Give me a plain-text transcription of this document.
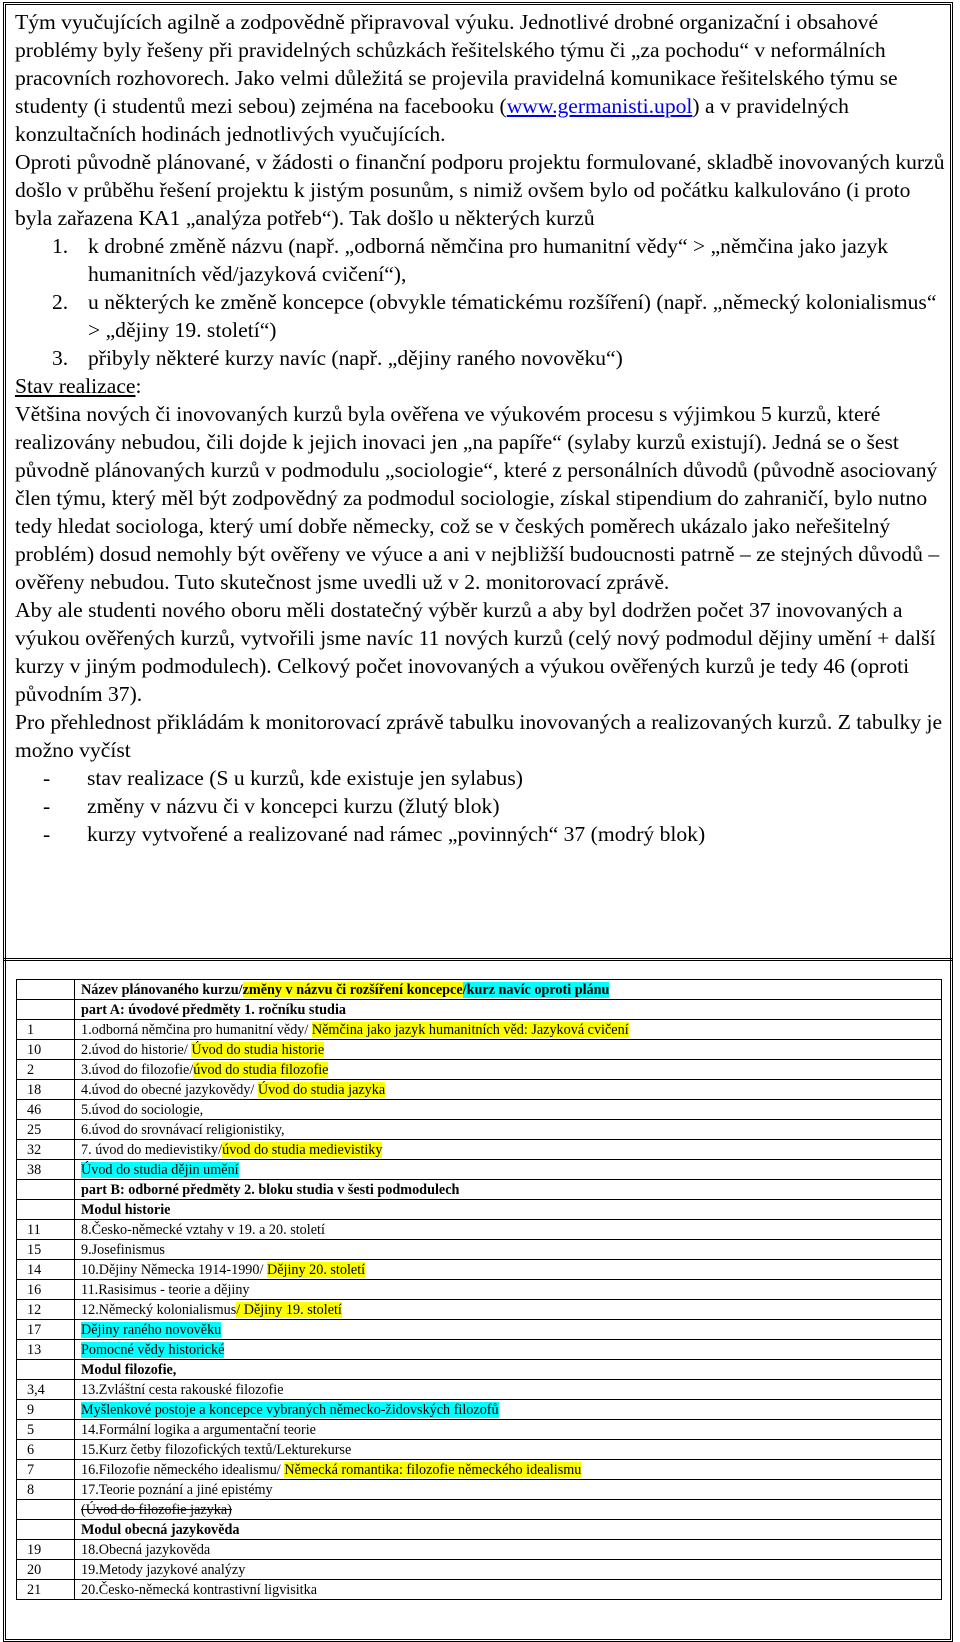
Tým vyučujících agilně a zodpovědně připravoval výuku. Jednotlivé drobné organizační i obsahové problémy byly řešeny při pravidelných schůzkách řešitelského týmu či „za pochodu“ v neformálních pracovních rozhovorech. Jako velmi důležitá se projevila pravidelná komunikace řešitelského týmu se studenty (i studentů mezi sebou) zejména na facebooku (www.germanisti.upol) a v pravidelných konzultačních hodinách jednotlivých vyučujících.

Oproti původně plánované, v žádosti o finanční podporu projektu formulované, skladbě inovovaných kurzů došlo v průběhu řešení projektu k jistým posunům, s nimiž ovšem bylo od počátku kalkulováno (i proto byla zařazena KA1 „analýza potřeb“). Tak došlo u některých kurzů

1. k drobné změně názvu (např. „odborná němčina pro humanitní vědy“ > „němčina jako jazyk humanitních věd/jazyková cvičení“),
2. u některých ke změně koncepce (obvykle tématickému rozšíření) (např. „německý kolonialismus“ > „dějiny 19. století“)
3. přibyly některé kurzy navíc (např. „dějiny raného novověku“)

Stav realizace:

Většina nových či inovovaných kurzů byla ověřena ve výukovém procesu s výjimkou 5 kurzů, které realizovány nebudou, čili dojde k jejich inovaci jen „na papíře“ (sylaby kurzů existují). Jedná se o šest původně plánovaných kurzů v podmodulu „sociologie“, které z personálních důvodů (původně asociovaný člen týmu, který měl být zodpovědný za podmodul sociologie, získal stipendium do zahraničí, bylo nutno tedy hledat sociologa, který umí dobře německy, což se v českých poměrech ukázalo jako neřešitelný problém) dosud nemohly být ověřeny ve výuce a ani v nejbližší budoucnosti patrně – ze stejných důvodů – ověřeny nebudou. Tuto skutečnost jsme uvedli už v 2. monitorovací zprávě.

Aby ale studenti nového oboru měli dostatečný výběr kurzů a aby byl dodržen počet 37 inovovaných a výukou ověřených kurzů, vytvořili jsme navíc 11 nových kurzů (celý nový podmodul dějiny umění + další kurzy v jiným podmodulech). Celkový počet inovovaných a výukou ověřených kurzů je tedy 46 (oproti původním 37).

Pro přehlednost přikládám k monitorovací zprávě tabulku inovovaných a realizovaných kurzů. Z tabulky je možno vyčíst

-	stav realizace (S u kurzů, kde existuje jen sylabus)
-	změny v názvu či v koncepci kurzu (žlutý blok)
-	kurzy vytvořené a realizované nad rámec „povinných“ 37 (modrý blok)
	Název plánovaného kurzu/změny v názvu či rozšíření koncepce/kurz navíc oproti plánu
	part A: úvodové předměty 1. ročníku studia
1	1.odborná němčina pro humanitní vědy/ Němčina jako jazyk humanitních věd: Jazyková cvičení
10	2.úvod do historie/ Úvod do studia historie
2	3.úvod do filozofie/úvod do studia filozofie
18	4.úvod do obecné jazykovědy/ Úvod do studia jazyka
46	5.úvod do sociologie,
25	6.úvod do srovnávací religionistiky,
32	7. úvod do medievistiky/úvod do studia medievistiky
38	Úvod do studia dějin umění
	part B: odborné předměty 2. bloku studia v šesti podmodulech
	Modul historie
11	8.Česko-německé vztahy v 19. a 20. století
15	9.Josefinismus
14	10.Dějiny Německa 1914-1990/ Dějiny 20. století
16	11.Rasisimus - teorie a dějiny
12	12.Německý kolonialismus/ Dějiny 19. století
17	Dějiny raného novověku
13	Pomocné vědy historické
	Modul filozofie,
3,4	13.Zvláštní cesta rakouské filozofie
9	Myšlenkové postoje a koncepce vybraných německo-židovských filozofů
5	14.Formální logika a argumentační teorie
6	15.Kurz četby filozofických textů/Lekturekurse
7	16.Filozofie německého idealismu/ Německá romantika: filozofie německého idealismu
8	17.Teorie poznání a jiné epistémy
	(Úvod do filozofie jazyka)
	Modul obecná jazykověda
19	18.Obecná jazykověda
20	19.Metody jazykové analýzy
21	20.Česko-německá kontrastivní ligvisitka
